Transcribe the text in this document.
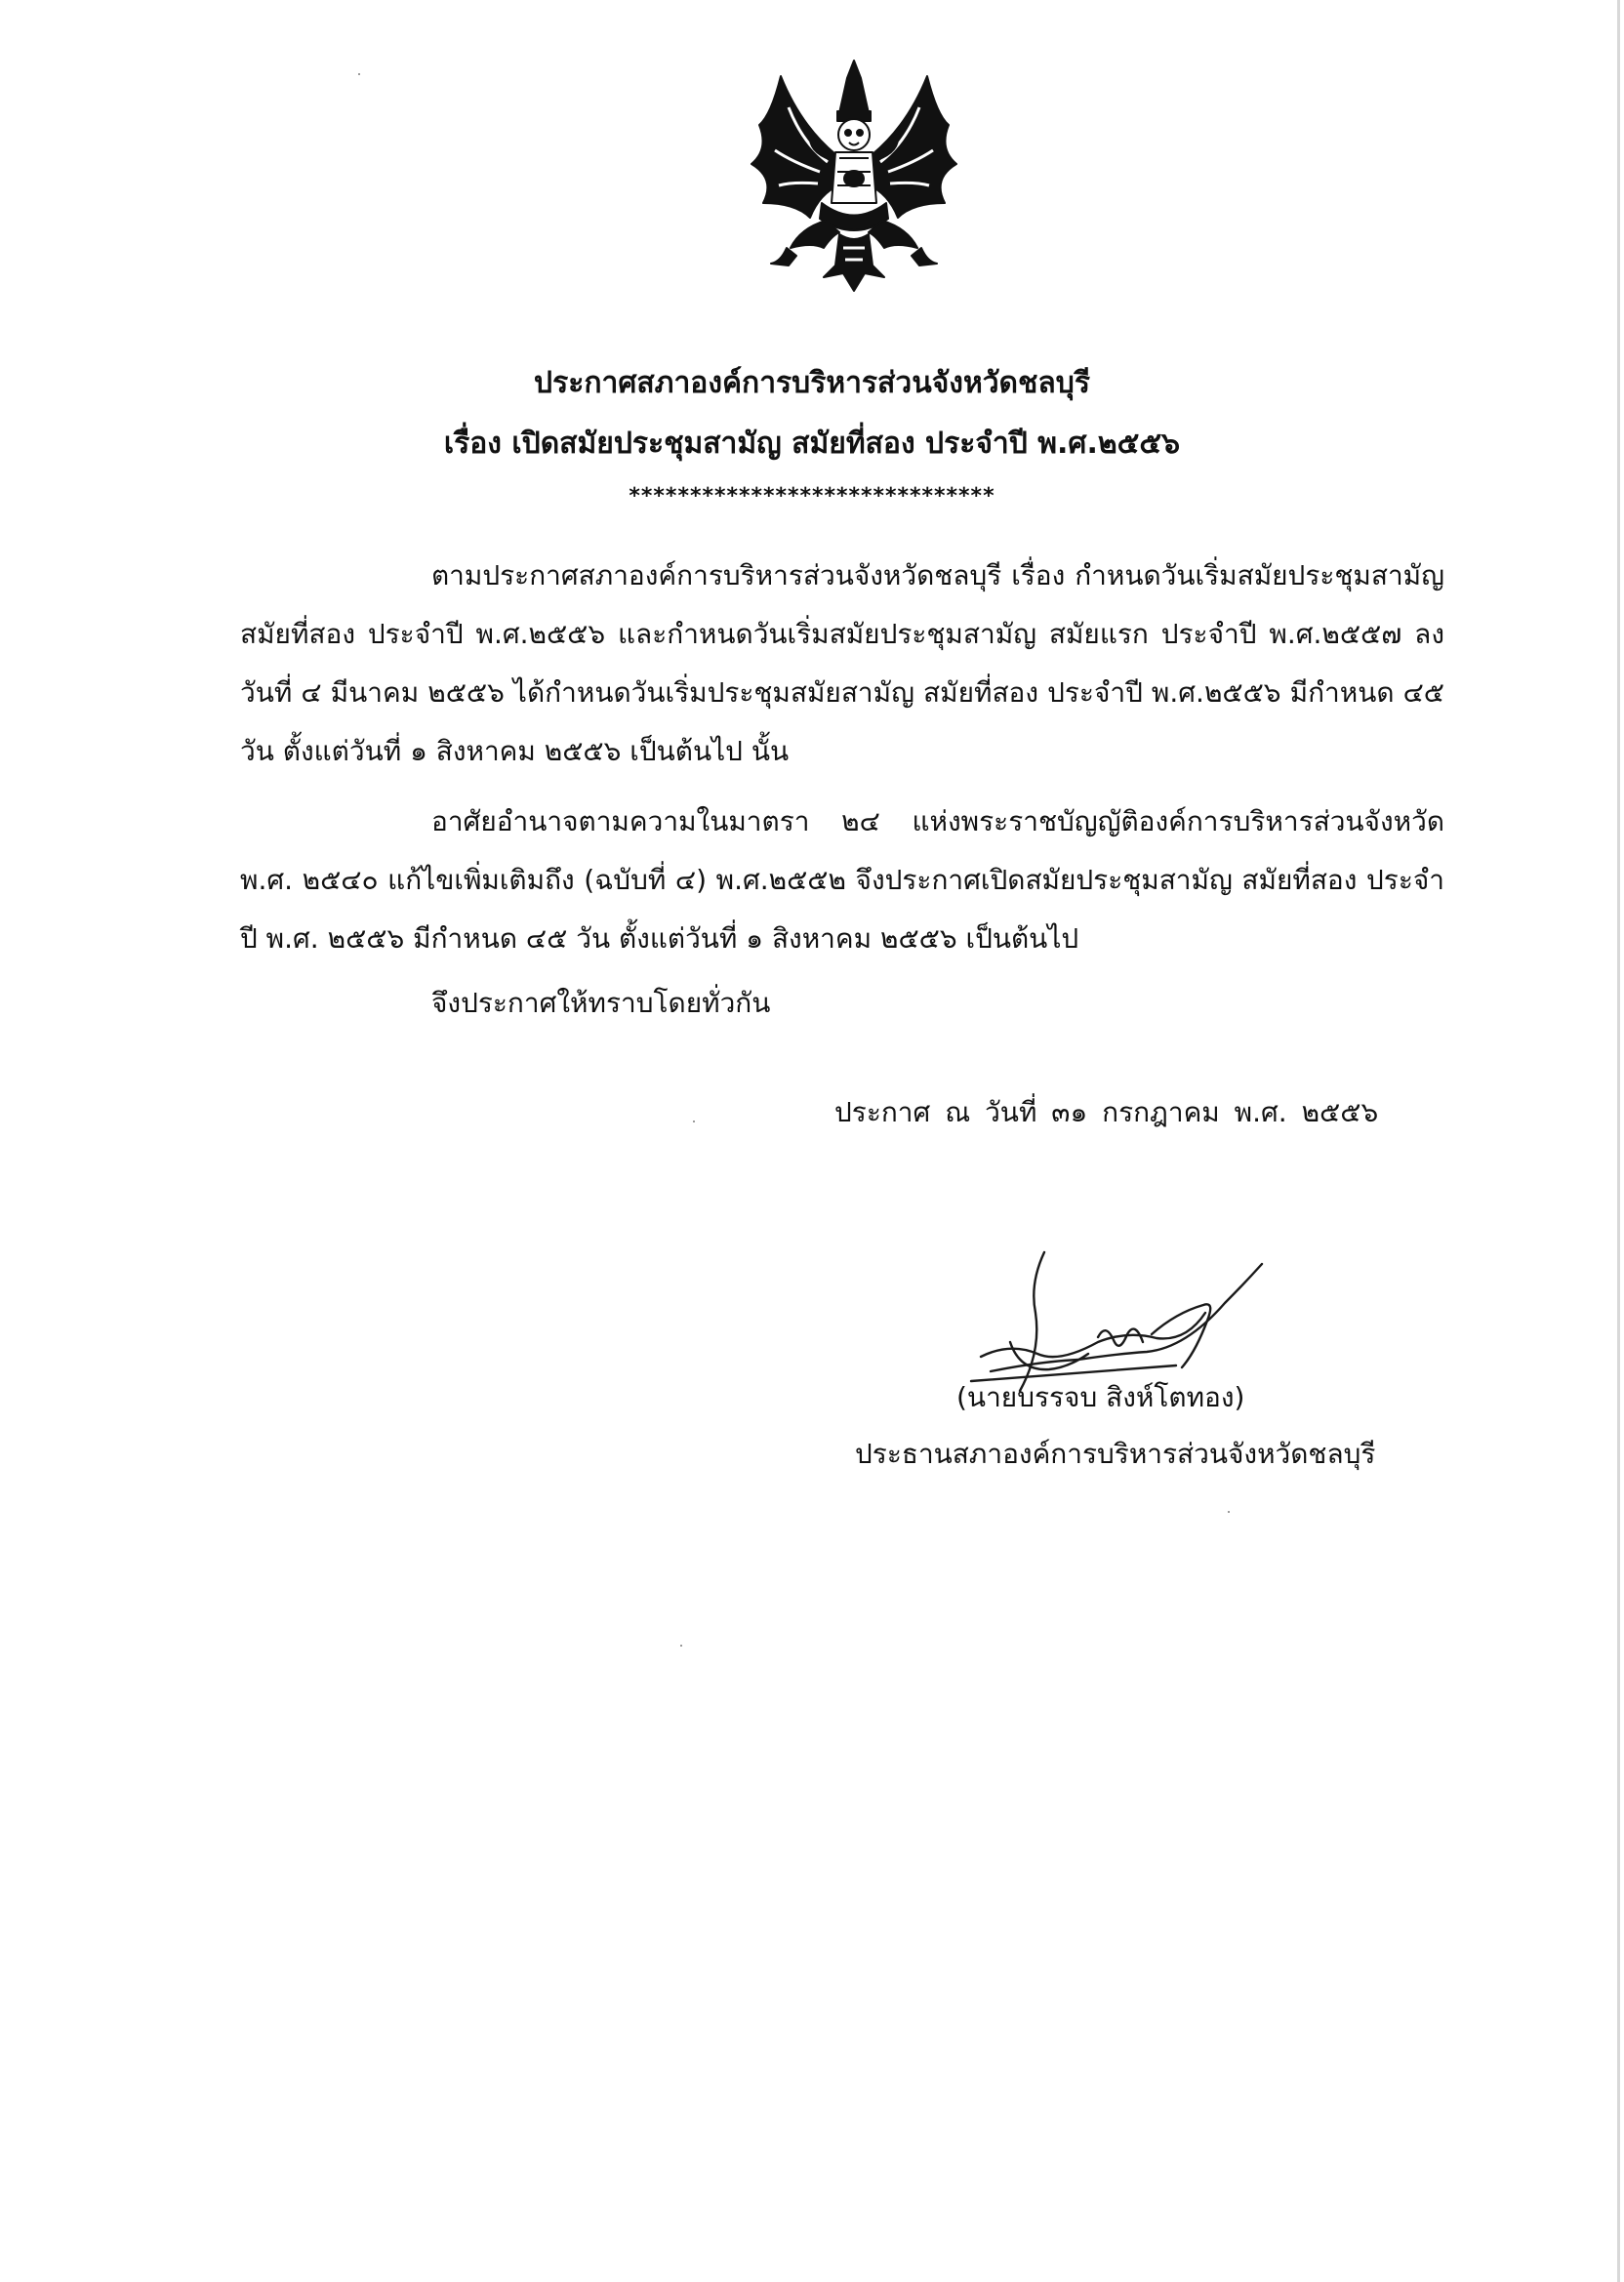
ประกาศสภาองค์การบริหารส่วนจังหวัดชลบุรี
เรื่อง เปิดสมัยประชุมสามัญ สมัยที่สอง ประจำปี พ.ศ.๒๕๕๖
******************************
ตามประกาศสภาองค์การบริหารส่วนจังหวัดชลบุรี เรื่อง กำหนดวันเริ่มสมัยประชุมสามัญ สมัยที่สอง ประจำปี พ.ศ.๒๕๕๖ และกำหนดวันเริ่มสมัยประชุมสามัญ สมัยแรก ประจำปี พ.ศ.๒๕๕๗ ลงวันที่ ๔ มีนาคม ๒๕๕๖ ได้กำหนดวันเริ่มประชุมสมัยสามัญ สมัยที่สอง ประจำปี พ.ศ.๒๕๕๖ มีกำหนด ๔๕ วัน ตั้งแต่วันที่ ๑ สิงหาคม ๒๕๕๖ เป็นต้นไป นั้น
อาศัยอำนาจตามความในมาตรา ๒๔ แห่งพระราชบัญญัติองค์การบริหารส่วนจังหวัด พ.ศ. ๒๕๔๐ แก้ไขเพิ่มเติมถึง (ฉบับที่ ๔) พ.ศ.๒๕๕๒ จึงประกาศเปิดสมัยประชุมสามัญ สมัยที่สอง ประจำปี พ.ศ. ๒๕๕๖ มีกำหนด ๔๕ วัน ตั้งแต่วันที่ ๑ สิงหาคม ๒๕๕๖ เป็นต้นไป
จึงประกาศให้ทราบโดยทั่วกัน
ประกาศ ณ วันที่ ๓๑ กรกฎาคม พ.ศ. ๒๕๕๖
(นายบรรจบ สิงห์โตทอง)
ประธานสภาองค์การบริหารส่วนจังหวัดชลบุรี
